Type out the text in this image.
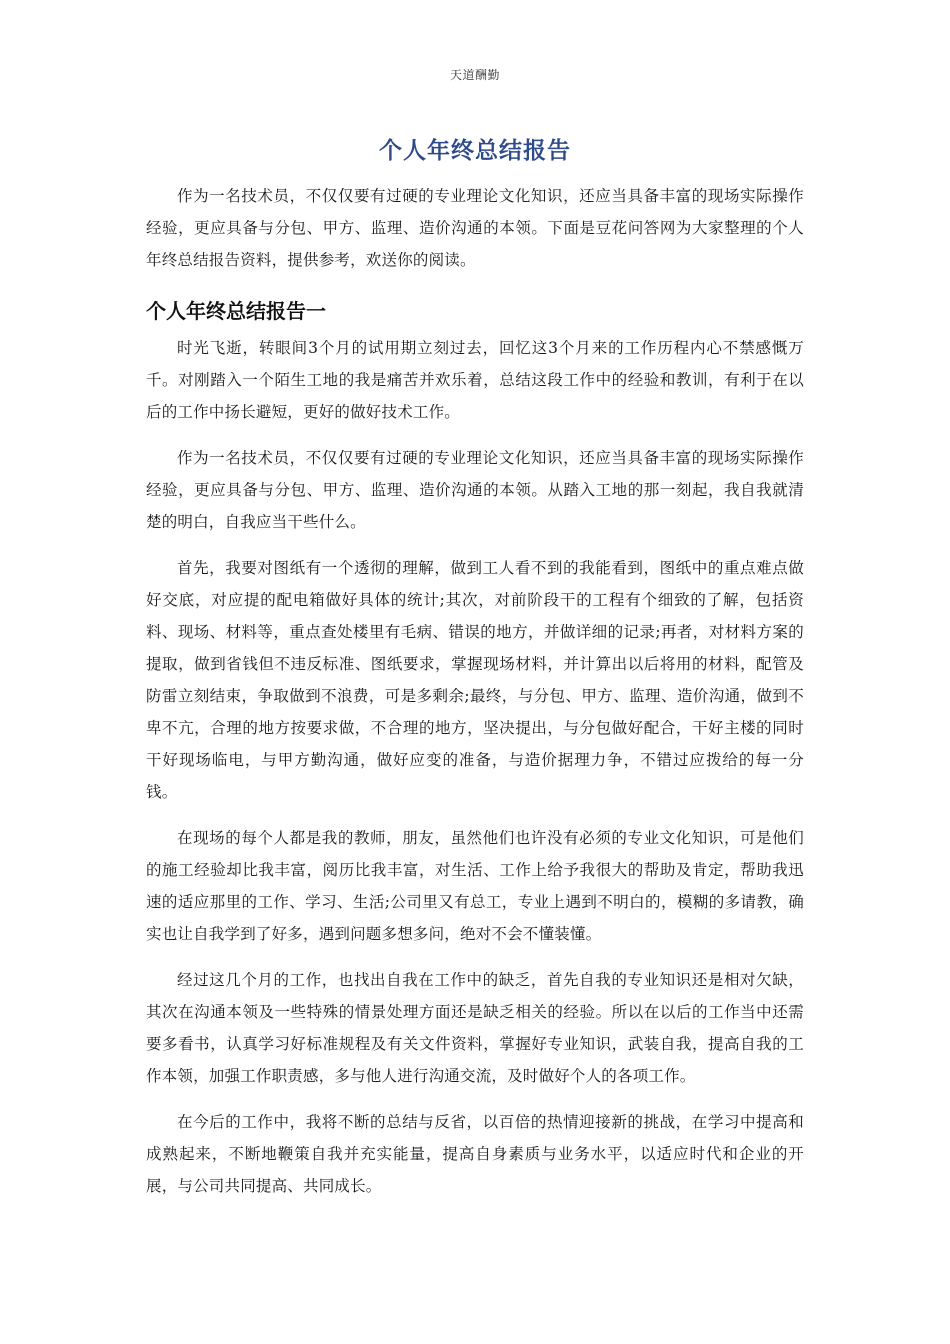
天道酬勤
个人年终总结报告

作为一名技术员，不仅仅要有过硬的专业理论文化知识，还应当具备丰富的现场实际操作经验，更应具备与分包、甲方、监理、造价沟通的本领。下面是豆花问答网为大家整理的个人年终总结报告资料，提供参考，欢送你的阅读。

个人年终总结报告一

时光飞逝，转眼间3个月的试用期立刻过去，回忆这3个月来的工作历程内心不禁感慨万千。对刚踏入一个陌生工地的我是痛苦并欢乐着，总结这段工作中的经验和教训，有利于在以后的工作中扬长避短，更好的做好技术工作。

作为一名技术员，不仅仅要有过硬的专业理论文化知识，还应当具备丰富的现场实际操作经验，更应具备与分包、甲方、监理、造价沟通的本领。从踏入工地的那一刻起，我自我就清楚的明白，自我应当干些什么。

首先，我要对图纸有一个透彻的理解，做到工人看不到的我能看到，图纸中的重点难点做好交底，对应提的配电箱做好具体的统计;其次，对前阶段干的工程有个细致的了解，包括资料、现场、材料等，重点查处楼里有毛病、错误的地方，并做详细的记录;再者，对材料方案的提取，做到省钱但不违反标准、图纸要求，掌握现场材料，并计算出以后将用的材料，配管及防雷立刻结束，争取做到不浪费，可是多剩余;最终，与分包、甲方、监理、造价沟通，做到不卑不亢，合理的地方按要求做，不合理的地方，坚决提出，与分包做好配合，干好主楼的同时干好现场临电，与甲方勤沟通，做好应变的准备，与造价据理力争，不错过应拨给的每一分钱。

在现场的每个人都是我的教师，朋友，虽然他们也许没有必须的专业文化知识，可是他们的施工经验却比我丰富，阅历比我丰富，对生活、工作上给予我很大的帮助及肯定，帮助我迅速的适应那里的工作、学习、生活;公司里又有总工，专业上遇到不明白的，模糊的多请教，确实也让自我学到了好多，遇到问题多想多问，绝对不会不懂装懂。

经过这几个月的工作，也找出自我在工作中的缺乏，首先自我的专业知识还是相对欠缺，其次在沟通本领及一些特殊的情景处理方面还是缺乏相关的经验。所以在以后的工作当中还需要多看书，认真学习好标准规程及有关文件资料，掌握好专业知识，武装自我，提高自我的工作本领，加强工作职责感，多与他人进行沟通交流，及时做好个人的各项工作。

在今后的工作中，我将不断的总结与反省，以百倍的热情迎接新的挑战，在学习中提高和成熟起来，不断地鞭策自我并充实能量，提高自身素质与业务水平，以适应时代和企业的开展，与公司共同提高、共同成长。
